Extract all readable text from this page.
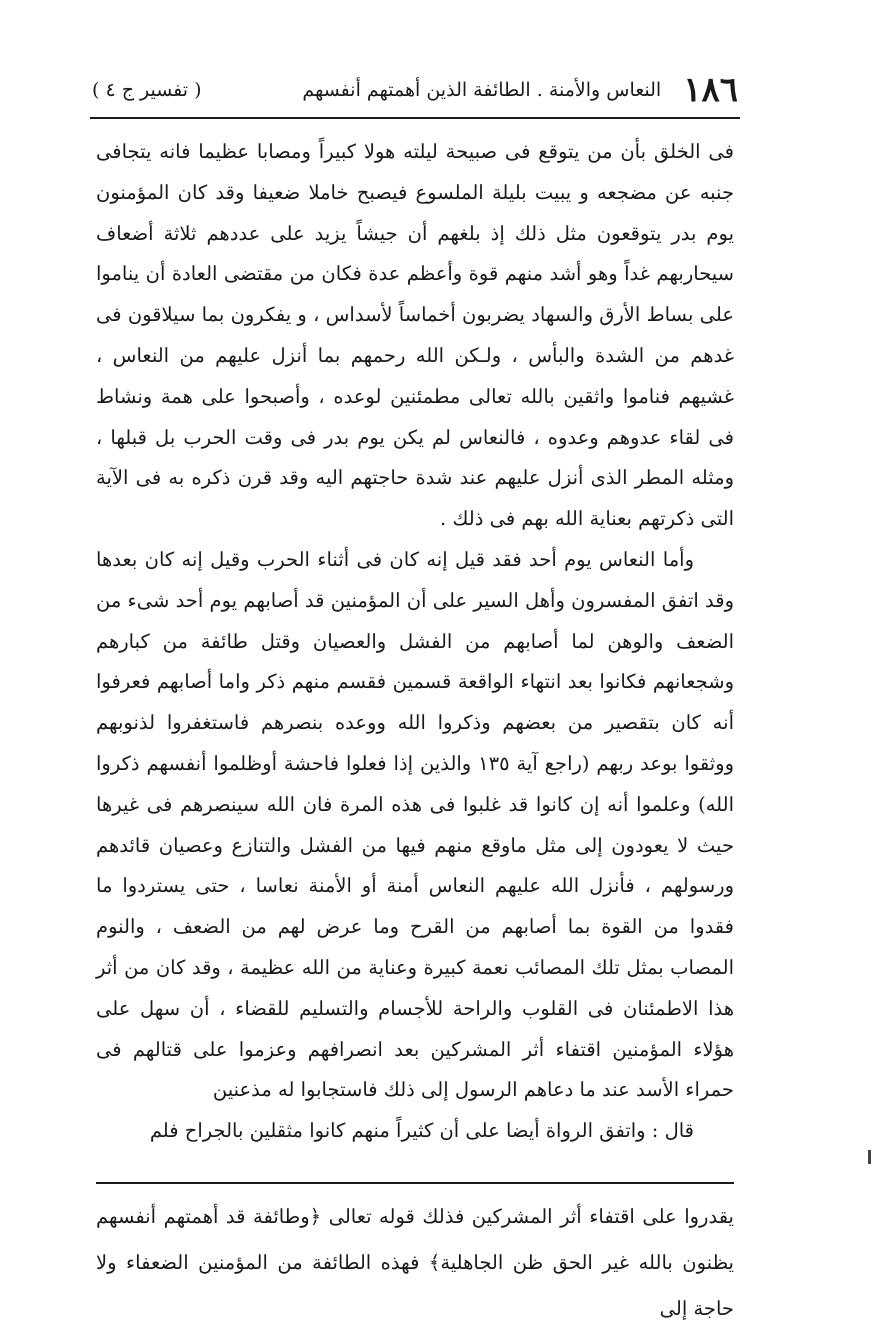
١٨٦
النعاس والأمنة . الطائفة الذين أهمتهم أنفسهم
( تفسير ج ٤ )

فى الخلق بأن من يتوقع فى صبيحة ليلته هولا كبيراً ومصابا عظيما فانه يتجافى جنبه عن مضجعه و يبيت بليلة الملسوع فيصبح خاملا ضعيفا وقد كان المؤمنون يوم بدر يتوقعون مثل ذلك إذ بلغهم أن جيشاً يزيد على عددهم ثلاثة أضعاف سيحاربهم غداً وهو أشد منهم قوة وأعظم عدة فكان من مقتضى العادة أن يناموا على بساط الأرق والسهاد يضربون أخماساً لأسداس ، و يفكرون بما سيلاقون فى غدهم من الشدة والبأس ، ولـكن الله رحمهم بما أنزل عليهم من النعاس ، غشيهم فناموا واثقين بالله تعالى مطمئنين لوعده ، وأصبحوا على همة ونشاط فى لقاء عدوهم وعدوه ، فالنعاس لم يكن يوم بدر فى وقت الحرب بل قبلها ، ومثله المطر الذى أنزل عليهم عند شدة حاجتهم اليه وقد قرن ذكره به فى الآية التى ذكرتهم بعناية الله بهم فى ذلك .

وأما النعاس يوم أحد فقد قيل إنه كان فى أثناء الحرب وقيل إنه كان بعدها وقد اتفق المفسرون وأهل السير على أن المؤمنين قد أصابهم يوم أحد شىء من الضعف والوهن لما أصابهم من الفشل والعصيان وقتل طائفة من كبارهم وشجعانهم فكانوا بعد انتهاء الواقعة قسمين فقسم منهم ذكر واما أصابهم فعرفوا أنه كان بتقصير من بعضهم وذكروا الله ووعده بنصرهم فاستغفروا لذنوبهم ووثقوا بوعد ربهم (راجع آية ١٣٥ والذين إذا فعلوا فاحشة أوظلموا أنفسهم ذكروا الله) وعلموا أنه إن كانوا قد غلبوا فى هذه المرة فان الله سينصرهم فى غيرها حيث لا يعودون إلى مثل ماوقع منهم فيها من الفشل والتنازع وعصيان قائدهم ورسولهم ، فأنزل الله عليهم النعاس أمنة أو الأمنة نعاسا ، حتى يستردوا ما فقدوا من القوة بما أصابهم من القرح وما عرض لهم من الضعف ، والنوم المصاب بمثل تلك المصائب نعمة كبيرة وعناية من الله عظيمة ، وقد كان من أثر هذا الاطمئنان فى القلوب والراحة للأجسام والتسليم للقضاء ، أن سهل على هؤلاء المؤمنين اقتفاء أثر المشركين بعد انصرافهم وعزموا على قتالهم فى حمراء الأسد عند ما دعاهم الرسول إلى ذلك فاستجابوا له مذعنين

قال : واتفق الرواة أيضا على أن كثيراً منهم كانوا مثقلين بالجراح فلم

يقدروا على اقتفاء أثر المشركين فذلك قوله تعالى ﴿وطائفة قد أهمتهم أنفسهم يظنون بالله غير الحق ظن الجاهلية﴾ فهذه الطائفة من المؤمنين الضعفاء ولا حاجة إلى
